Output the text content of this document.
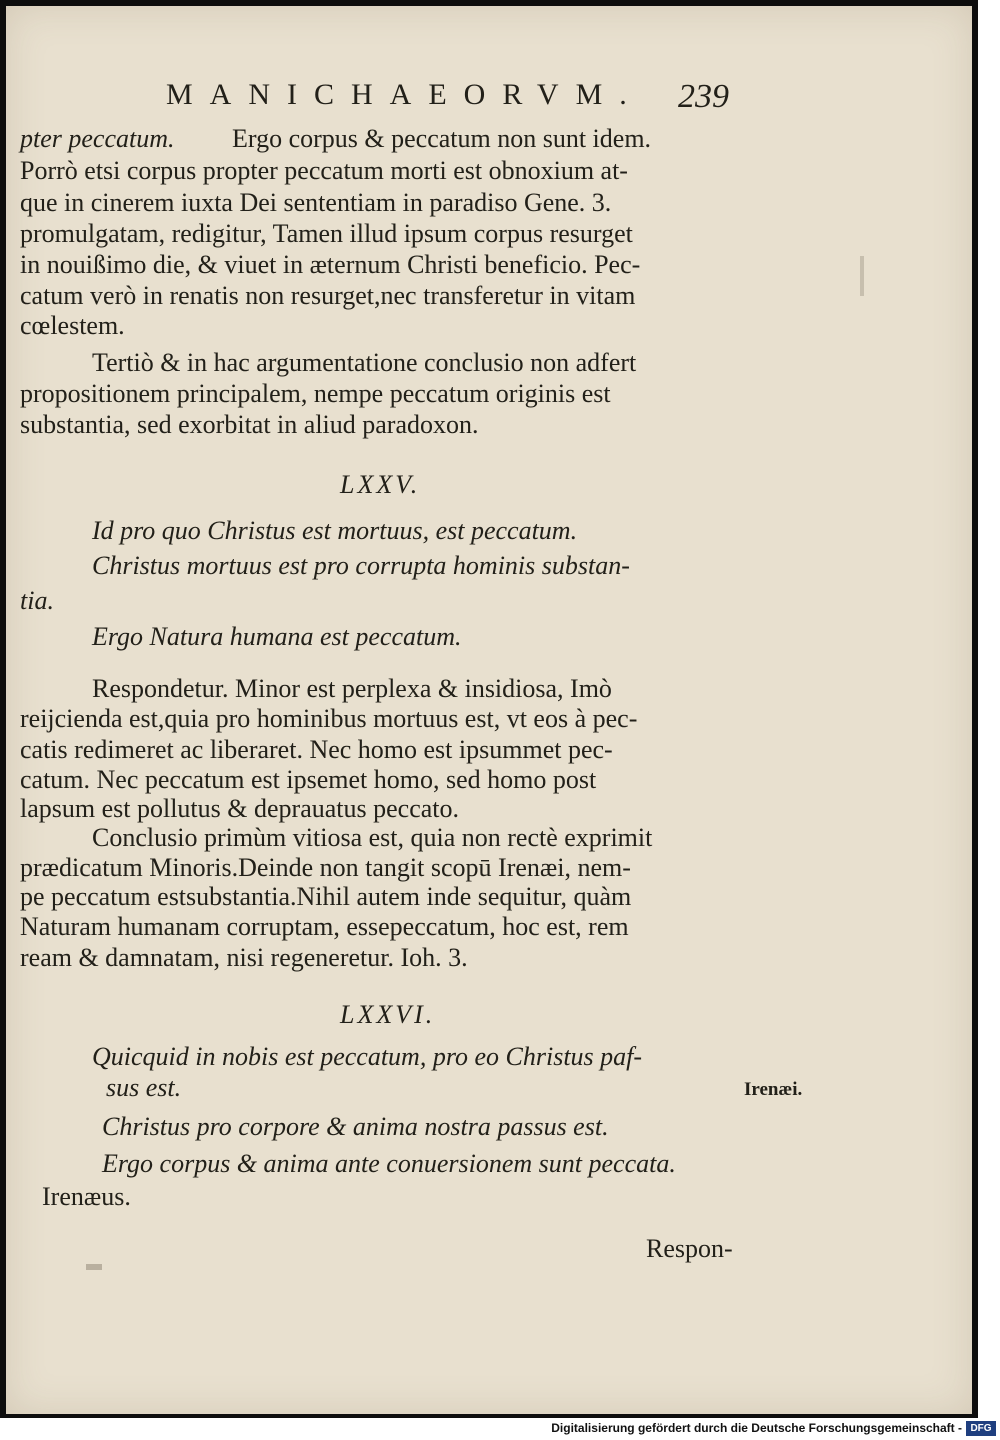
MANICHAEORVM. 239
pter peccatum. Ergo corpus & peccatum non sunt idem.
Porrò etsi corpus propter peccatum morti est obnoxium at-
que in cinerem iuxta Dei sententiam in paradiso Gene. 3.
promulgatam, redigitur, Tamen illud ipsum corpus resurget
in nouißimo die, & viuet in æternum Christi beneficio. Pec-
catum verò in renatis non resurget,nec transferetur in vitam
cœlestem.
Tertiò & in hac argumentatione conclusio non adfert
propositionem principalem, nempe peccatum originis est
substantia, sed exorbitat in aliud paradoxon.
LXXV.
Id pro quo Christus est mortuus, est peccatum.
Christus mortuus est pro corrupta hominis substan-
tia.
Ergo Natura humana est peccatum.
Respondetur. Minor est perplexa & insidiosa, Imò
reijcienda est,quia pro hominibus mortuus est, vt eos à pec-
catis redimeret ac liberaret. Nec homo est ipsummet pec-
catum. Nec peccatum est ipsemet homo, sed homo post
lapsum est pollutus & deprauatus peccato.
Conclusio primùm vitiosa est, quia non rectè exprimit
prædicatum Minoris.Deinde non tangit scopū Irenæi, nem-
pe peccatum estsubstantia.Nihil autem inde sequitur, quàm
Naturam humanam corruptam, essepeccatum, hoc est, rem
ream & damnatam, nisi regeneretur. Ioh. 3.
LXXVI.
Quicquid in nobis est peccatum, pro eo Christus paf-
sus est.	Irenæi.
Christus pro corpore & anima nostra passus est.
Ergo corpus & anima ante conuersionem sunt peccata.
Irenæus.
Respon-
Digitalisierung gefördert durch die Deutsche Forschungsgemeinschaft - DFG
